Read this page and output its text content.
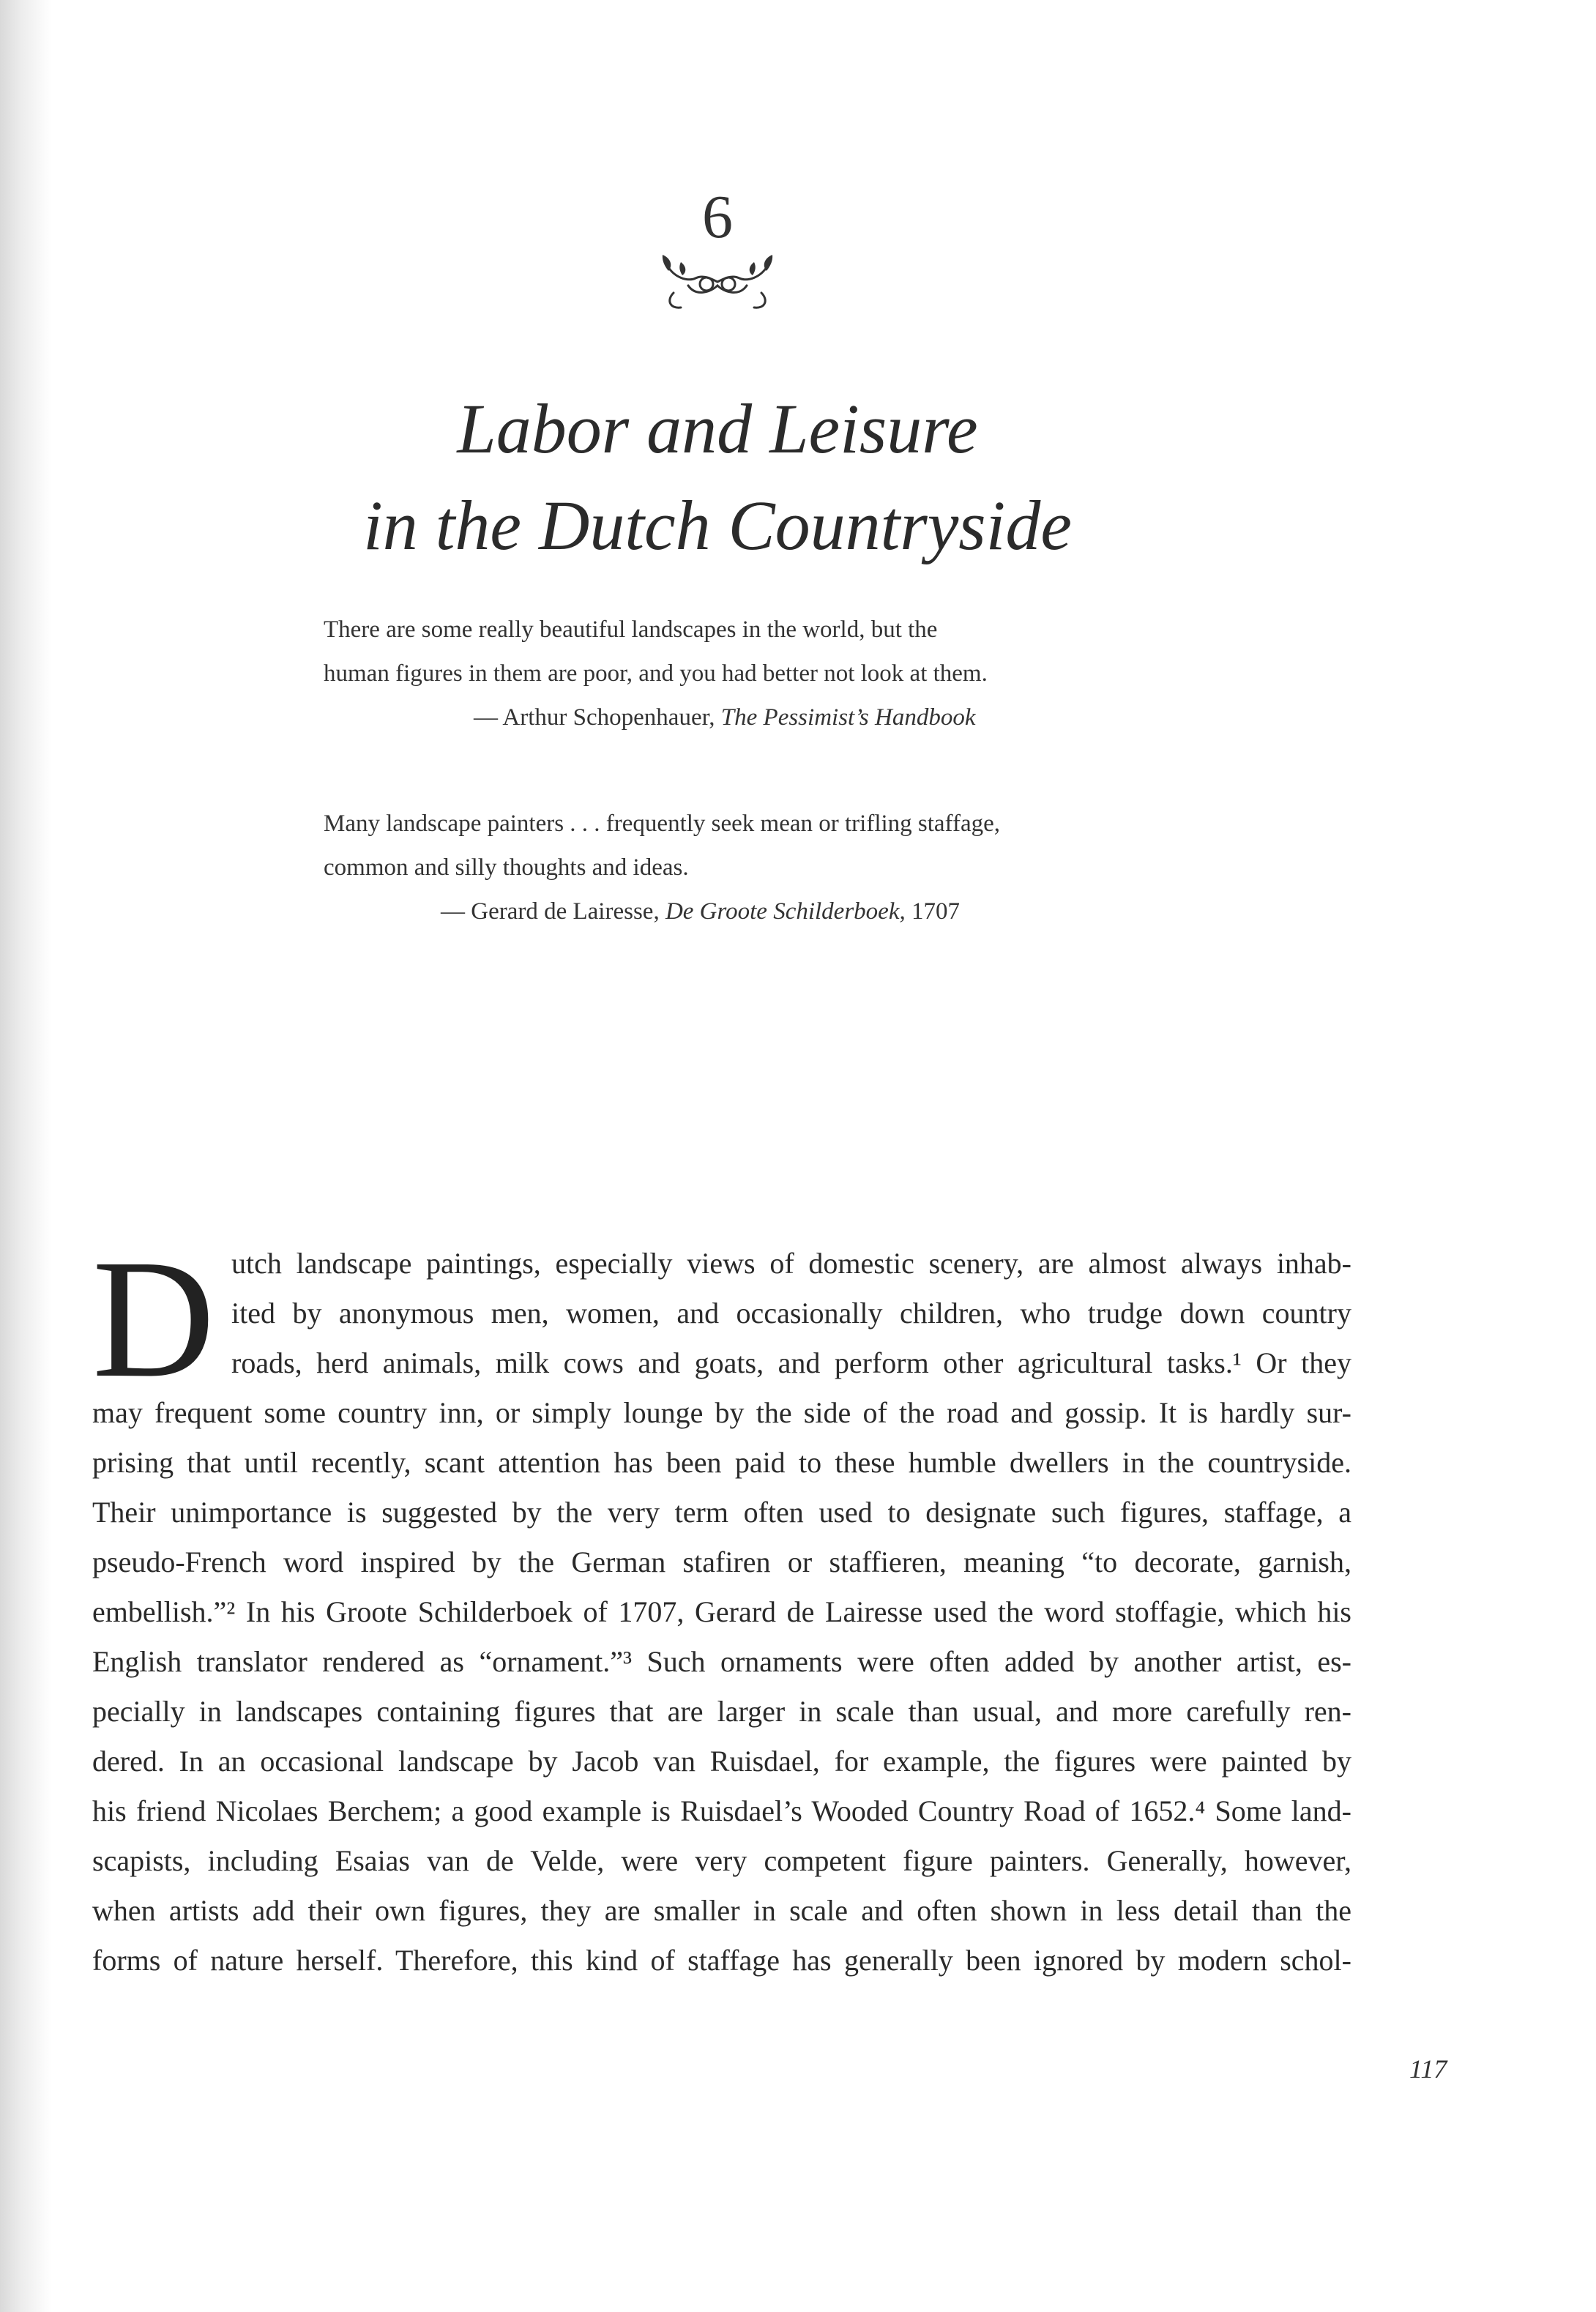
6
Labor and Leisure
in the Dutch Countryside
There are some really beautiful landscapes in the world, but the
human figures in them are poor, and you had better not look at them.
— Arthur Schopenhauer, The Pessimist’s Handbook
Many landscape painters . . . frequently seek mean or trifling staffage,
common and silly thoughts and ideas.
— Gerard de Lairesse, De Groote Schilderboek, 1707
D utch landscape paintings, especially views of domestic scenery, are almost always inhab-
ited by anonymous men, women, and occasionally children, who trudge down country
roads, herd animals, milk cows and goats, and perform other agricultural tasks.¹ Or they
may frequent some country inn, or simply lounge by the side of the road and gossip. It is hardly sur-
prising that until recently, scant attention has been paid to these humble dwellers in the countryside.
Their unimportance is suggested by the very term often used to designate such figures, staffage, a
pseudo-French word inspired by the German stafiren or staffieren, meaning “to decorate, garnish,
embellish.”² In his Groote Schilderboek of 1707, Gerard de Lairesse used the word stoffagie, which his
English translator rendered as “ornament.”³ Such ornaments were often added by another artist, es-
pecially in landscapes containing figures that are larger in scale than usual, and more carefully ren-
dered. In an occasional landscape by Jacob van Ruisdael, for example, the figures were painted by
his friend Nicolaes Berchem; a good example is Ruisdael’s Wooded Country Road of 1652.⁴ Some land-
scapists, including Esaias van de Velde, were very competent figure painters. Generally, however,
when artists add their own figures, they are smaller in scale and often shown in less detail than the
forms of nature herself. Therefore, this kind of staffage has generally been ignored by modern schol-
117
